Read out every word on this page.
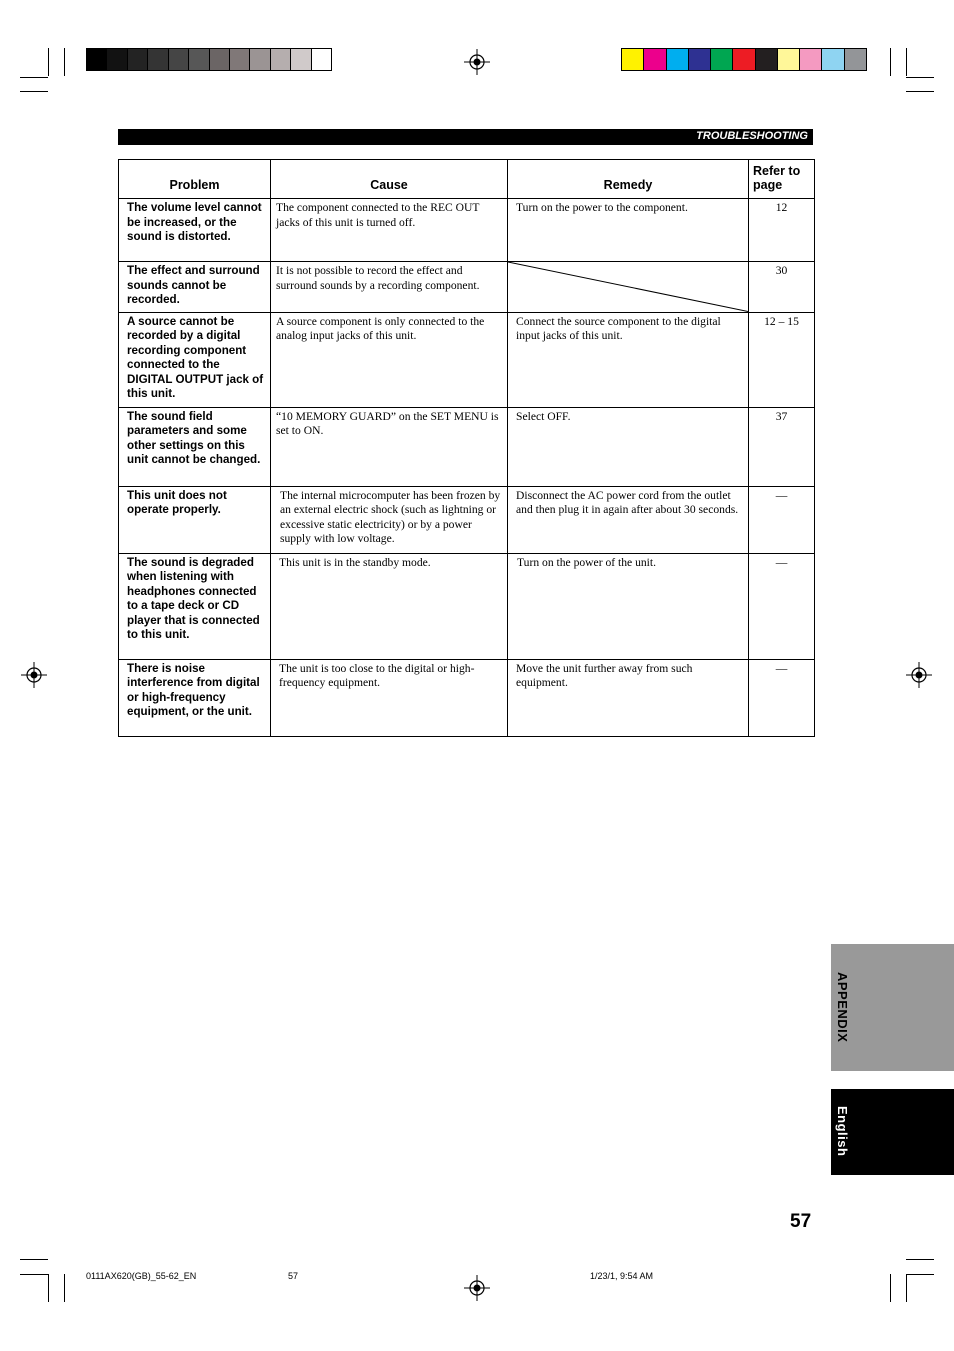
TROUBLESHOOTING
Problem	Cause	Remedy	Refer to page
The volume level cannot be increased, or the sound is distorted.	The component connected to the REC OUT jacks of this unit is turned off.	Turn on the power to the component.	12
The effect and surround sounds cannot be recorded.	It is not possible to record the effect and surround sounds by a recording component.		30
A source cannot be recorded by a digital recording component connected to the DIGITAL OUTPUT jack of this unit.	A source component is only connected to the analog input jacks of this unit.	Connect the source component to the digital input jacks of this unit.	12 – 15
The sound field parameters and some other settings on this unit cannot be changed.	“10 MEMORY GUARD” on the SET MENU is set to ON.	Select OFF.	37
This unit does not operate properly.	The internal microcomputer has been frozen by an external electric shock (such as lightning or excessive static electricity) or by a power supply with low voltage.	Disconnect the AC power cord from the outlet and then plug it in again after about 30 seconds.	—
The sound is degraded when listening with headphones connected to a tape deck or CD player that is connected to this unit.	This unit is in the standby mode.	Turn on the power of the unit.	—
There is noise interference from digital or high-frequency equipment, or the unit.	The unit is too close to the digital or high-frequency equipment.	Move the unit further away from such equipment.	—
APPENDIX
English
57
0111AX620(GB)_55-62_EN	57	1/23/1, 9:54 AM
